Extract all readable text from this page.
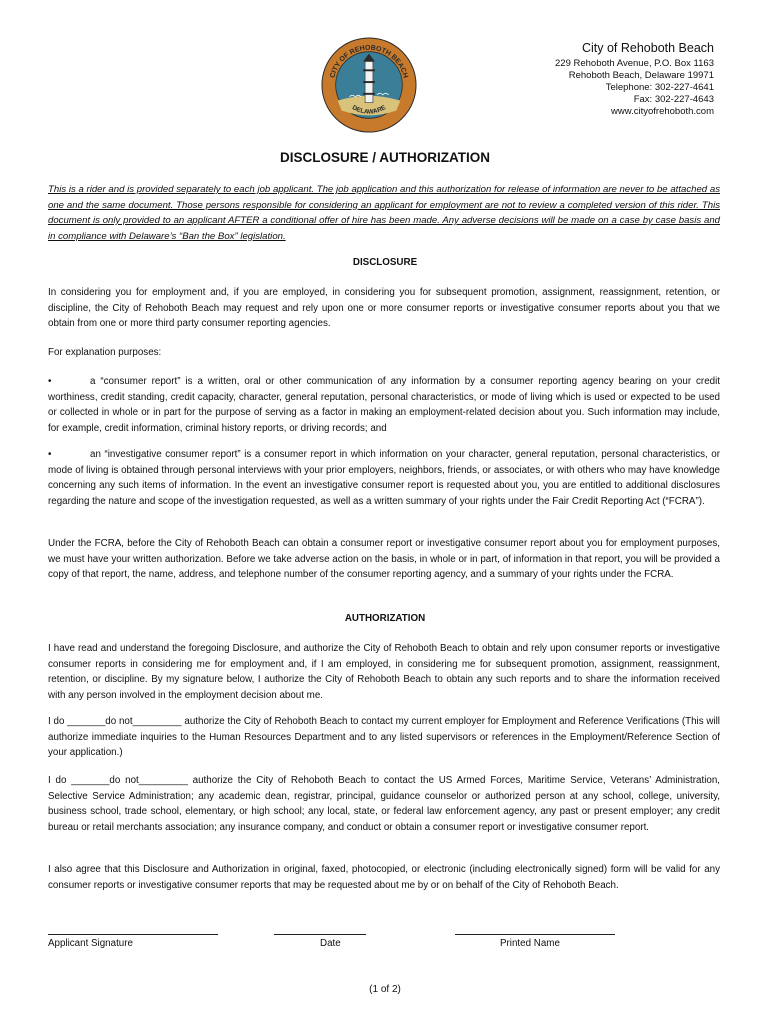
CITY OF REHOBOTH BEACH
DELAWARE
City of Rehoboth Beach
229 Rehoboth Avenue, P.O. Box 1163
Rehoboth Beach, Delaware 19971
Telephone: 302-227-4641
Fax: 302-227-4643
www.cityofrehoboth.com
DISCLOSURE / AUTHORIZATION
This is a rider and is provided separately to each job applicant. The job application and this authorization for release of information are never to be attached as one and the same document. Those persons responsible for considering an applicant for employment are not to review a completed version of this rider. This document is only provided to an applicant AFTER a conditional offer of hire has been made. Any adverse decisions will be made on a case by case basis and in compliance with Delaware’s “Ban the Box” legislation.
DISCLOSURE
In considering you for employment and, if you are employed, in considering you for subsequent promotion, assignment, reassignment, retention, or discipline, the City of Rehoboth Beach may request and rely upon one or more consumer reports or investigative consumer reports about you that we obtain from one or more third party consumer reporting agencies.
For explanation purposes:
•	a “consumer report” is a written, oral or other communication of any information by a consumer reporting agency bearing on your credit worthiness, credit standing, credit capacity, character, general reputation, personal characteristics, or mode of living which is used or expected to be used or collected in whole or in part for the purpose of serving as a factor in making an employment-related decision about you. Such information may include, for example, credit information, criminal history reports, or driving records; and
•	an “investigative consumer report” is a consumer report in which information on your character, general reputation, personal characteristics, or mode of living is obtained through personal interviews with your prior employers, neighbors, friends, or associates, or with others who may have knowledge concerning any such items of information. In the event an investigative consumer report is requested about you, you are entitled to additional disclosures regarding the nature and scope of the investigation requested, as well as a written summary of your rights under the Fair Credit Reporting Act (“FCRA”).
Under the FCRA, before the City of Rehoboth Beach can obtain a consumer report or investigative consumer report about you for employment purposes, we must have your written authorization. Before we take adverse action on the basis, in whole or in part, of information in that report, you will be provided a copy of that report, the name, address, and telephone number of the consumer reporting agency, and a summary of your rights under the FCRA.
AUTHORIZATION
I have read and understand the foregoing Disclosure, and authorize the City of Rehoboth Beach to obtain and rely upon consumer reports or investigative consumer reports in considering me for employment and, if I am employed, in considering me for subsequent promotion, assignment, reassignment, retention, or discipline. By my signature below, I authorize the City of Rehoboth Beach to obtain any such reports and to share the information received with any person involved in the employment decision about me.
I do _______do not_________ authorize the City of Rehoboth Beach to contact my current employer for Employment and Reference Verifications (This will authorize immediate inquiries to the Human Resources Department and to any listed supervisors or references in the Employment/Reference Section of your application.)
I do _______do not_________ authorize the City of Rehoboth Beach to contact the US Armed Forces, Maritime Service, Veterans’ Administration, Selective Service Administration; any academic dean, registrar, principal, guidance counselor or authorized person at any school, college, university, business school, trade school, elementary, or high school; any local, state, or federal law enforcement agency, any past or present employer; any credit bureau or retail merchants association; any insurance company, and conduct or obtain a consumer report or investigative consumer report.
I also agree that this Disclosure and Authorization in original, faxed, photocopied, or electronic (including electronically signed) form will be valid for any consumer reports or investigative consumer reports that may be requested about me by or on behalf of the City of Rehoboth Beach.
Applicant Signature	Date	Printed Name
(1 of 2)
